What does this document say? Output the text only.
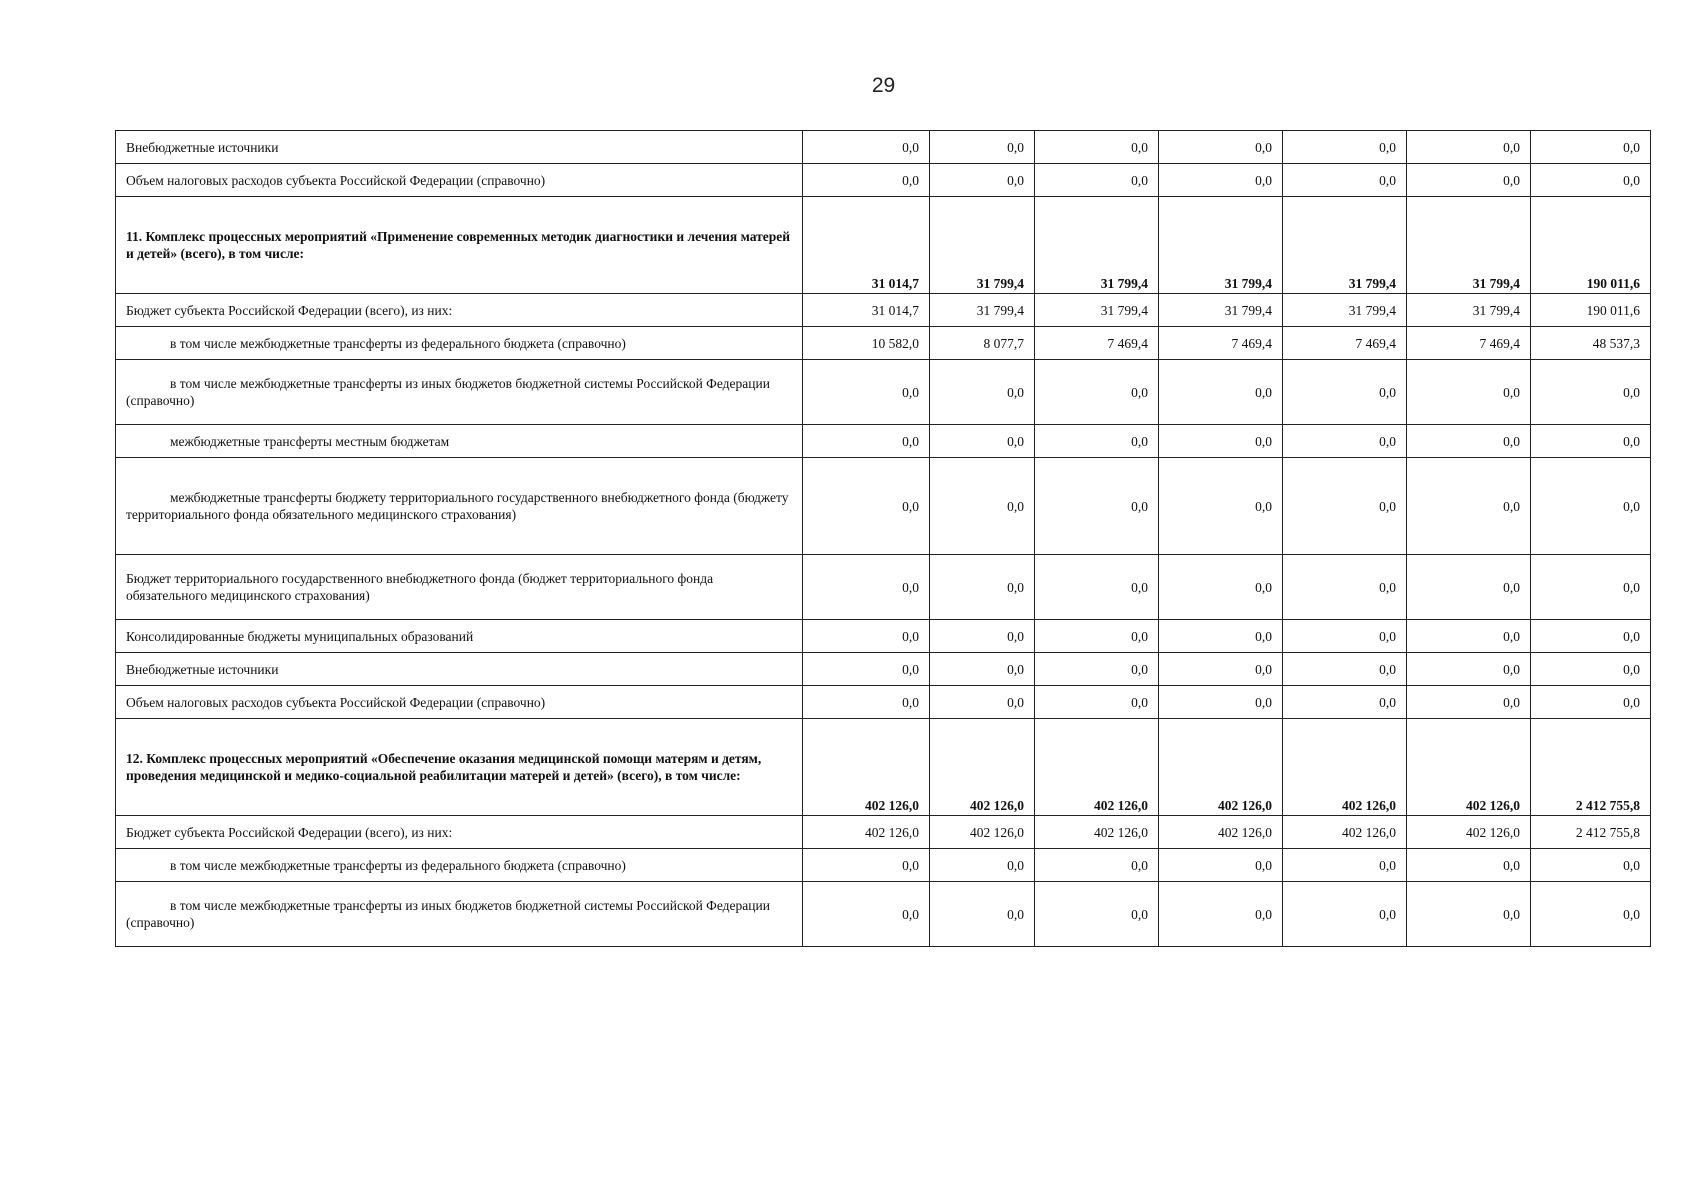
29
Внебюджетные источники	0,0	0,0	0,0	0,0	0,0	0,0	0,0
Объем налоговых расходов субъекта Российской Федерации (справочно)	0,0	0,0	0,0	0,0	0,0	0,0	0,0
11. Комплекс процессных мероприятий «Применение современных методик диагностики и лечения матерей и детей» (всего), в том числе:	31 014,7	31 799,4	31 799,4	31 799,4	31 799,4	31 799,4	190 011,6
Бюджет субъекта Российской Федерации (всего), из них:	31 014,7	31 799,4	31 799,4	31 799,4	31 799,4	31 799,4	190 011,6
в том числе межбюджетные трансферты из федерального бюджета (справочно)	10 582,0	8 077,7	7 469,4	7 469,4	7 469,4	7 469,4	48 537,3
в том числе межбюджетные трансферты из иных бюджетов бюджетной системы Российской Федерации (справочно)	0,0	0,0	0,0	0,0	0,0	0,0	0,0
межбюджетные трансферты местным бюджетам	0,0	0,0	0,0	0,0	0,0	0,0	0,0
межбюджетные трансферты бюджету территориального государственного внебюджетного фонда (бюджету территориального фонда обязательного медицинского страхования)	0,0	0,0	0,0	0,0	0,0	0,0	0,0
Бюджет территориального государственного внебюджетного фонда (бюджет территориального фонда обязательного медицинского страхования)	0,0	0,0	0,0	0,0	0,0	0,0	0,0
Консолидированные бюджеты муниципальных образований	0,0	0,0	0,0	0,0	0,0	0,0	0,0
Внебюджетные источники	0,0	0,0	0,0	0,0	0,0	0,0	0,0
Объем налоговых расходов субъекта Российской Федерации (справочно)	0,0	0,0	0,0	0,0	0,0	0,0	0,0
12. Комплекс процессных мероприятий «Обеспечение оказания медицинской помощи матерям и детям, проведения медицинской и медико-социальной реабилитации матерей и детей» (всего), в том числе:	402 126,0	402 126,0	402 126,0	402 126,0	402 126,0	402 126,0	2 412 755,8
Бюджет субъекта Российской Федерации (всего), из них:	402 126,0	402 126,0	402 126,0	402 126,0	402 126,0	402 126,0	2 412 755,8
в том числе межбюджетные трансферты из федерального бюджета (справочно)	0,0	0,0	0,0	0,0	0,0	0,0	0,0
в том числе межбюджетные трансферты из иных бюджетов бюджетной системы Российской Федерации (справочно)	0,0	0,0	0,0	0,0	0,0	0,0	0,0
